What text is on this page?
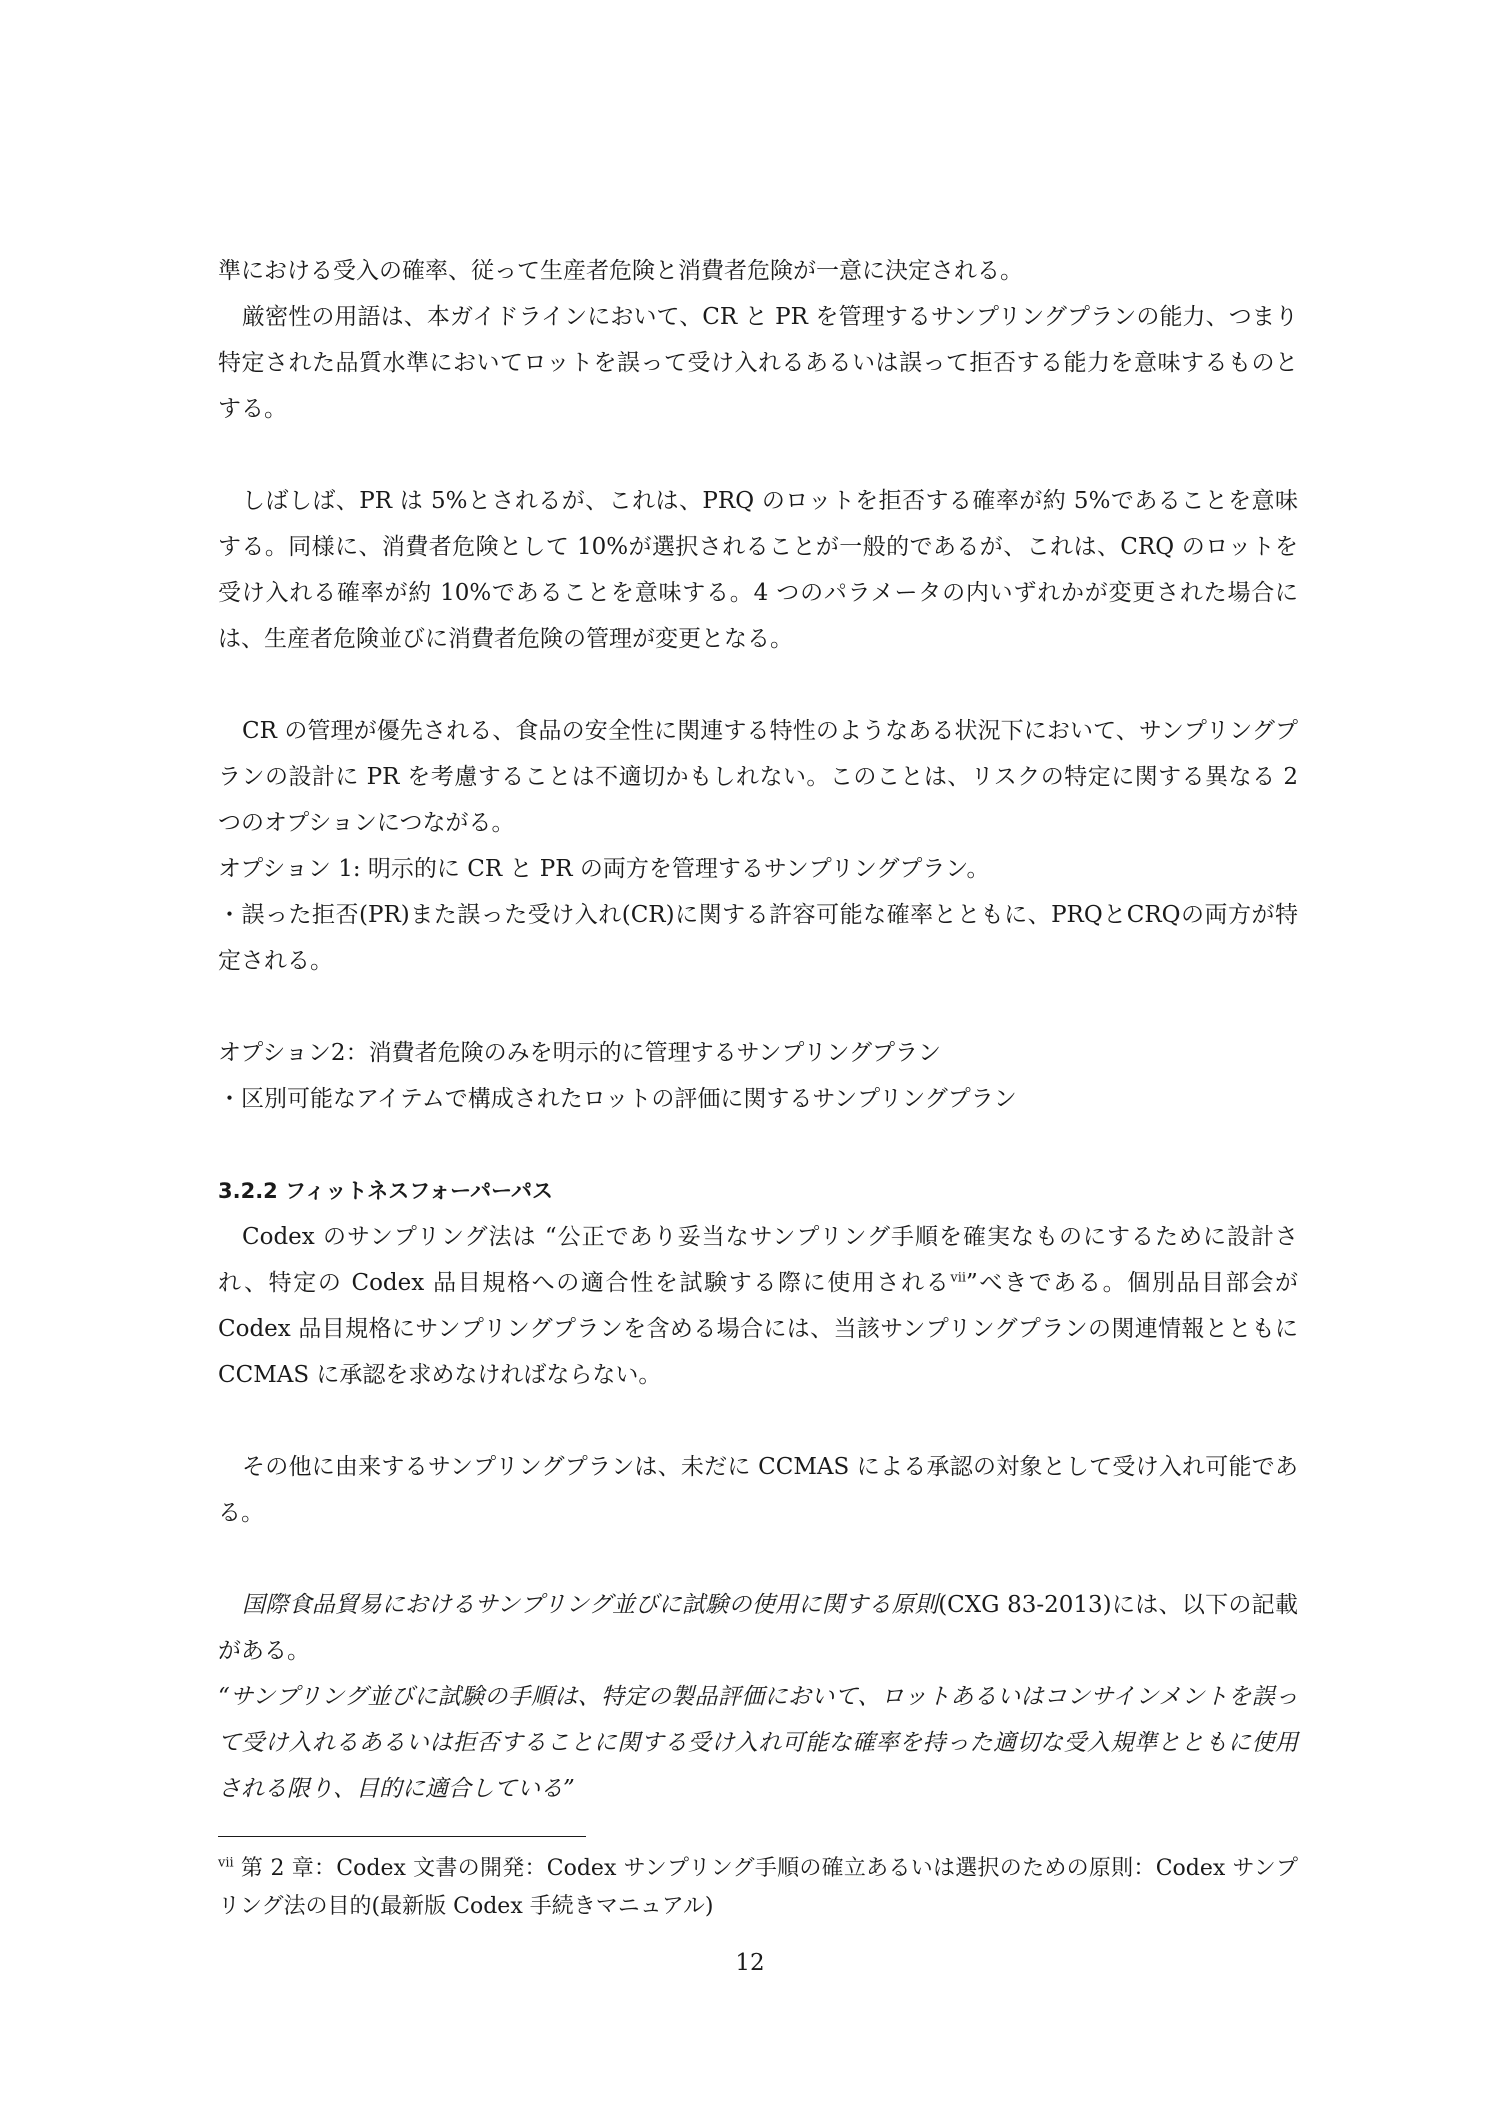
準における受入の確率、従って生産者危険と消費者危険が一意に決定される。

厳密性の用語は、本ガイドラインにおいて、CR と PR を管理するサンプリングプランの能力、つまり特定された品質水準においてロットを誤って受け入れるあるいは誤って拒否する能力を意味するものとする。

しばしば、PR は 5%とされるが、これは、PRQ のロットを拒否する確率が約 5%であることを意味する。同様に、消費者危険として 10%が選択されることが一般的であるが、これは、CRQ のロットを受け入れる確率が約 10%であることを意味する。4 つのパラメータの内いずれかが変更された場合には、生産者危険並びに消費者危険の管理が変更となる。

CR の管理が優先される、食品の安全性に関連する特性のようなある状況下において、サンプリングプランの設計に PR を考慮することは不適切かもしれない。このことは、リスクの特定に関する異なる 2 つのオプションにつながる。

オプション 1: 明示的に CR と PR の両方を管理するサンプリングプラン。

・誤った拒否(PR)また誤った受け入れ(CR)に関する許容可能な確率とともに、PRQとCRQの両方が特定される。

オプション2：消費者危険のみを明示的に管理するサンプリングプラン

・区別可能なアイテムで構成されたロットの評価に関するサンプリングプラン

3.2.2 フィットネスフォーパーパス

Codex のサンプリング法は “公正であり妥当なサンプリング手順を確実なものにするために設計され、特定の Codex 品目規格への適合性を試験する際に使用される$^{vii}$”べきである。個別品目部会が Codex 品目規格にサンプリングプランを含める場合には、当該サンプリングプランの関連情報とともに CCMAS に承認を求めなければならない。

その他に由来するサンプリングプランは、未だに CCMAS による承認の対象として受け入れ可能である。

国際食品貿易におけるサンプリング並びに試験の使用に関する原則(CXG 83-2013)には、以下の記載がある。

“サンプリング並びに試験の手順は、特定の製品評価において、ロットあるいはコンサインメントを誤って受け入れるあるいは拒否することに関する受け入れ可能な確率を持った適切な受入規準とともに使用される限り、目的に適合している”

$^{vii}$ 第 2 章：Codex 文書の開発：Codex サンプリング手順の確立あるいは選択のための原則：Codex サンプリング法の目的(最新版 Codex 手続きマニュアル)

12
